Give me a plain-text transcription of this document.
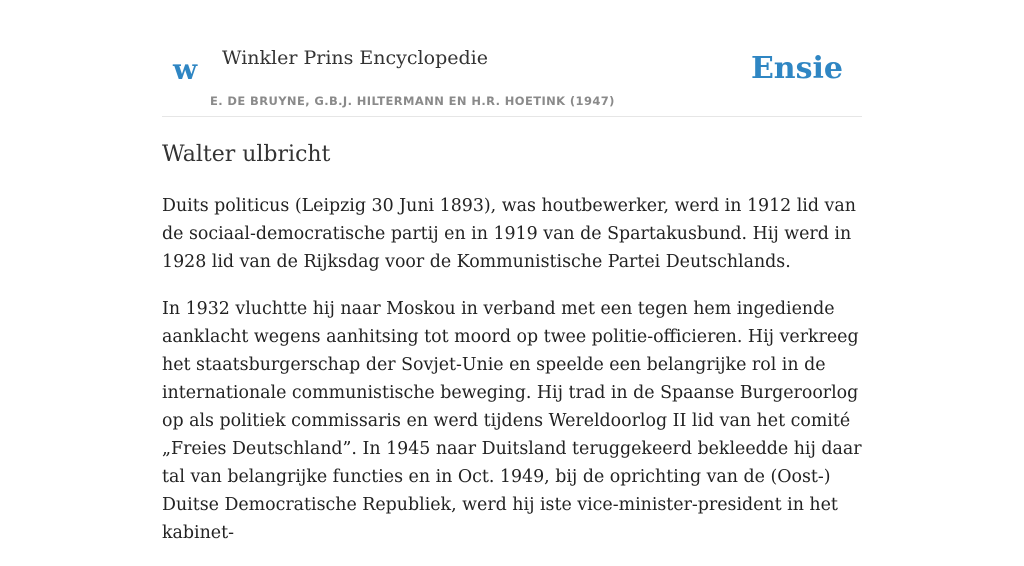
w Winkler Prins Encyclopedie
E. DE BRUYNE, G.B.J. HILTERMANN EN H.R. HOETINK (1947)
Ensie
Walter ulbricht

Duits politicus (Leipzig 30 Juni 1893), was houtbewerker, werd in 1912 lid van de sociaal-democratische partij en in 1919 van de Spartakusbund. Hij werd in 1928 lid van de Rijksdag voor de Kommunistische Partei Deutschlands.

In 1932 vluchtte hij naar Moskou in verband met een tegen hem ingediende aanklacht wegens aanhitsing tot moord op twee politie-officieren. Hij verkreeg het staatsburgerschap der Sovjet-Unie en speelde een belangrijke rol in de internationale communistische beweging. Hij trad in de Spaanse Burgeroorlog op als politiek commissaris en werd tijdens Wereldoorlog II lid van het comité „Freies Deutschland”. In 1945 naar Duitsland teruggekeerd bekleedde hij daar tal van belangrijke functies en in Oct. 1949, bij de oprichting van de (Oost-) Duitse Democratische Republiek, werd hij iste vice-minister-president in het kabinet-
